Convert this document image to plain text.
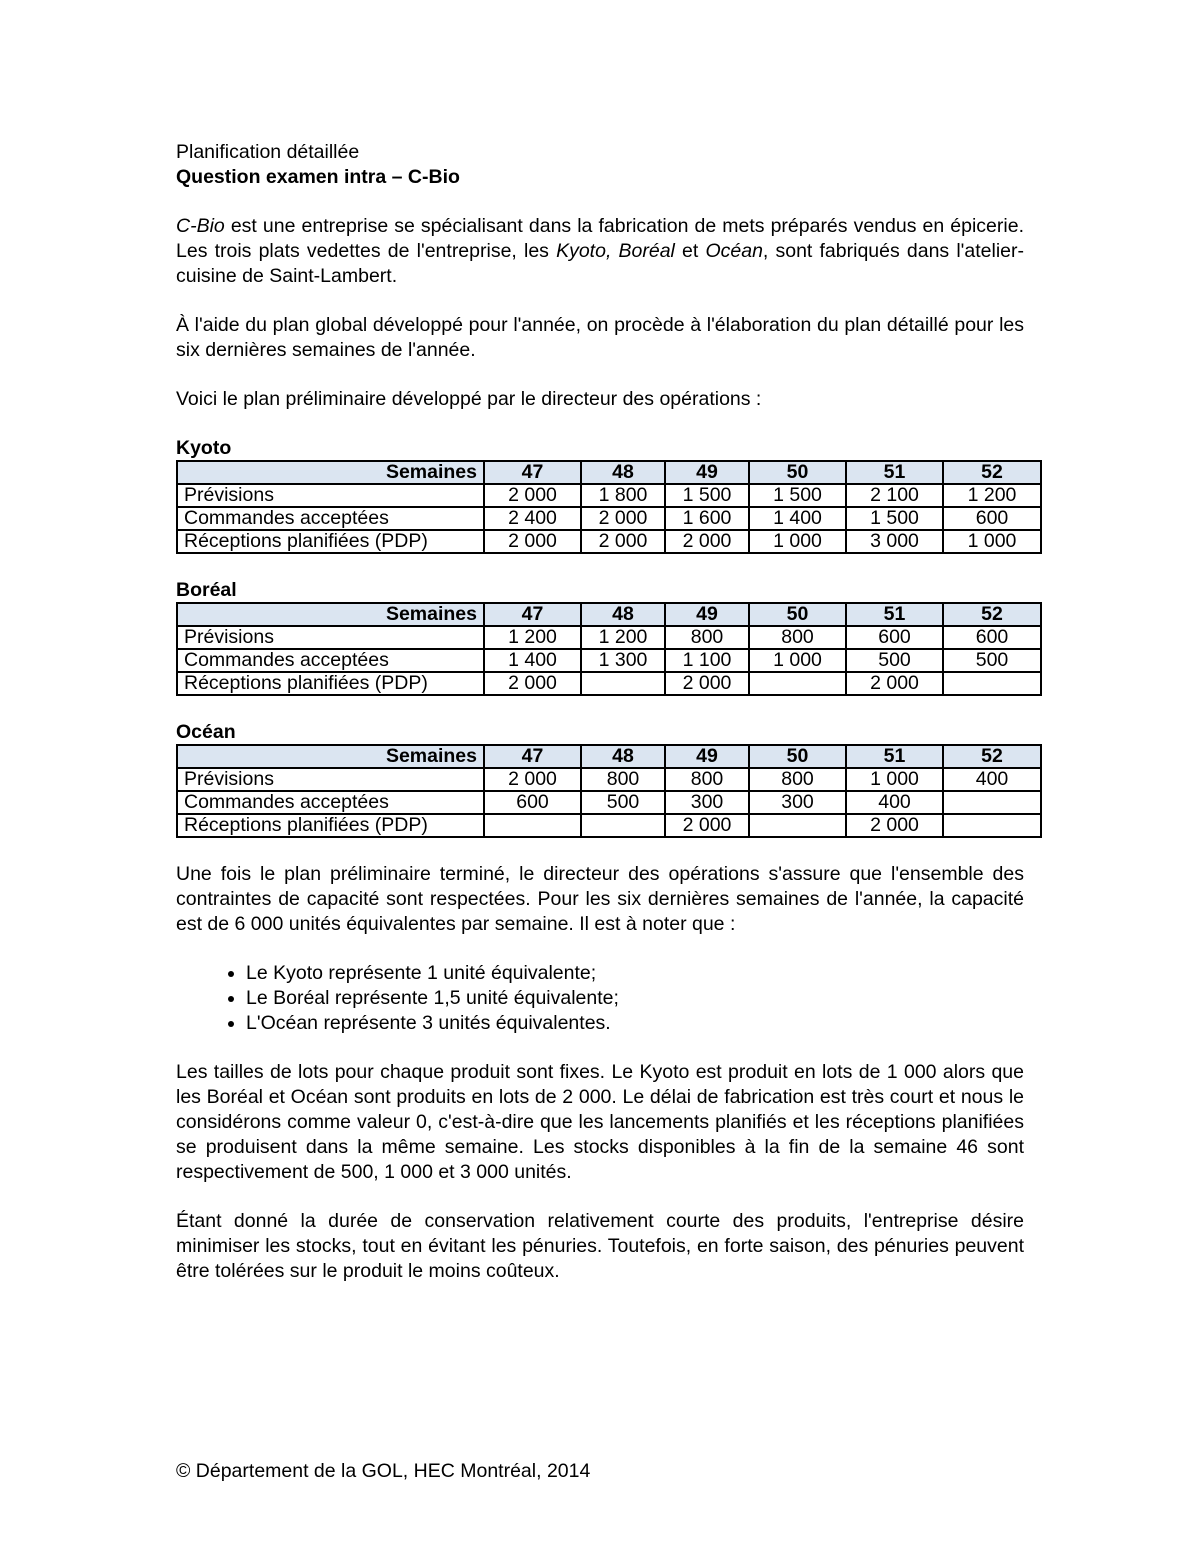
Planification détaillée

Question examen intra – C-Bio

C-Bio est une entreprise se spécialisant dans la fabrication de mets préparés vendus en épicerie. Les trois plats vedettes de l'entreprise, les Kyoto, Boréal et Océan, sont fabriqués dans l'atelier-cuisine de Saint-Lambert.

À l'aide du plan global développé pour l'année, on procède à l'élaboration du plan détaillé pour les six dernières semaines de l'année.

Voici le plan préliminaire développé par le directeur des opérations :

Kyoto

Semaines	47	48	49	50	51	52
Prévisions	2 000	1 800	1 500	1 500	2 100	1 200
Commandes acceptées	2 400	2 000	1 600	1 400	1 500	600
Réceptions planifiées (PDP)	2 000	2 000	2 000	1 000	3 000	1 000

Boréal

Semaines	47	48	49	50	51	52
Prévisions	1 200	1 200	800	800	600	600
Commandes acceptées	1 400	1 300	1 100	1 000	500	500
Réceptions planifiées (PDP)	2 000		2 000		2 000	

Océan

Semaines	47	48	49	50	51	52
Prévisions	2 000	800	800	800	1 000	400
Commandes acceptées	600	500	300	300	400	
Réceptions planifiées (PDP)			2 000		2 000	

Une fois le plan préliminaire terminé, le directeur des opérations s'assure que l'ensemble des contraintes de capacité sont respectées. Pour les six dernières semaines de l'année, la capacité est de 6 000 unités équivalentes par semaine. Il est à noter que :

• Le Kyoto représente 1 unité équivalente;
• Le Boréal représente 1,5 unité équivalente;
• L'Océan représente 3 unités équivalentes.

Les tailles de lots pour chaque produit sont fixes. Le Kyoto est produit en lots de 1 000 alors que les Boréal et Océan sont produits en lots de 2 000. Le délai de fabrication est très court et nous le considérons comme valeur 0, c'est-à-dire que les lancements planifiés et les réceptions planifiées se produisent dans la même semaine. Les stocks disponibles à la fin de la semaine 46 sont respectivement de 500, 1 000 et 3 000 unités.

Étant donné la durée de conservation relativement courte des produits, l'entreprise désire minimiser les stocks, tout en évitant les pénuries. Toutefois, en forte saison, des pénuries peuvent être tolérées sur le produit le moins coûteux.

© Département de la GOL, HEC Montréal, 2014
